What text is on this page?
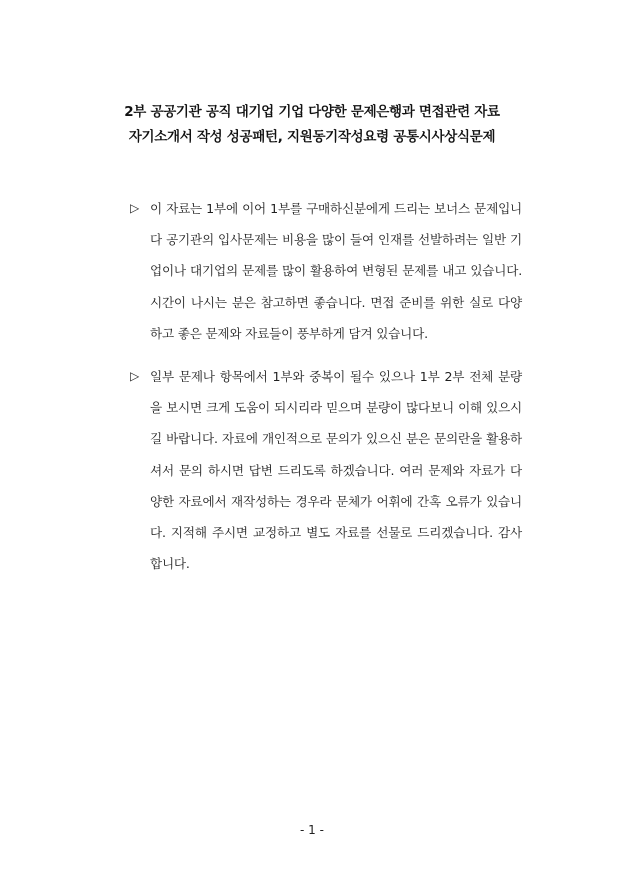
2부 공공기관 공직 대기업 기업 다양한 문제은행과 면접관련 자료
자기소개서 작성 성공패턴, 지원동기작성요령 공통시사상식문제
▷ 이 자료는 1부에 이어 1부를 구매하신분에게 드리는 보너스 문제입니다 공기관의 입사문제는 비용을 많이 들여 인재를 선발하려는 일반 기업이나 대기업의 문제를 많이 활용하여 변형된 문제를 내고 있습니다. 시간이 나시는 분은 참고하면 좋습니다. 면접 준비를 위한 실로 다양하고 좋은 문제와 자료들이 풍부하게 담겨 있습니다.
▷ 일부 문제나 항목에서 1부와 중복이 될수 있으나 1부 2부 전체 분량을 보시면 크게 도움이 되시리라 믿으며 분량이 많다보니 이해 있으시길 바랍니다. 자료에 개인적으로 문의가 있으신 분은 문의란을 활용하셔서 문의 하시면 답변 드리도록 하겠습니다. 여러 문제와 자료가 다양한 자료에서 재작성하는 경우라 문체가 어휘에 간혹 오류가 있습니다. 지적해 주시면 교정하고 별도 자료를 선물로 드리겠습니다. 감사합니다.
- 1 -
